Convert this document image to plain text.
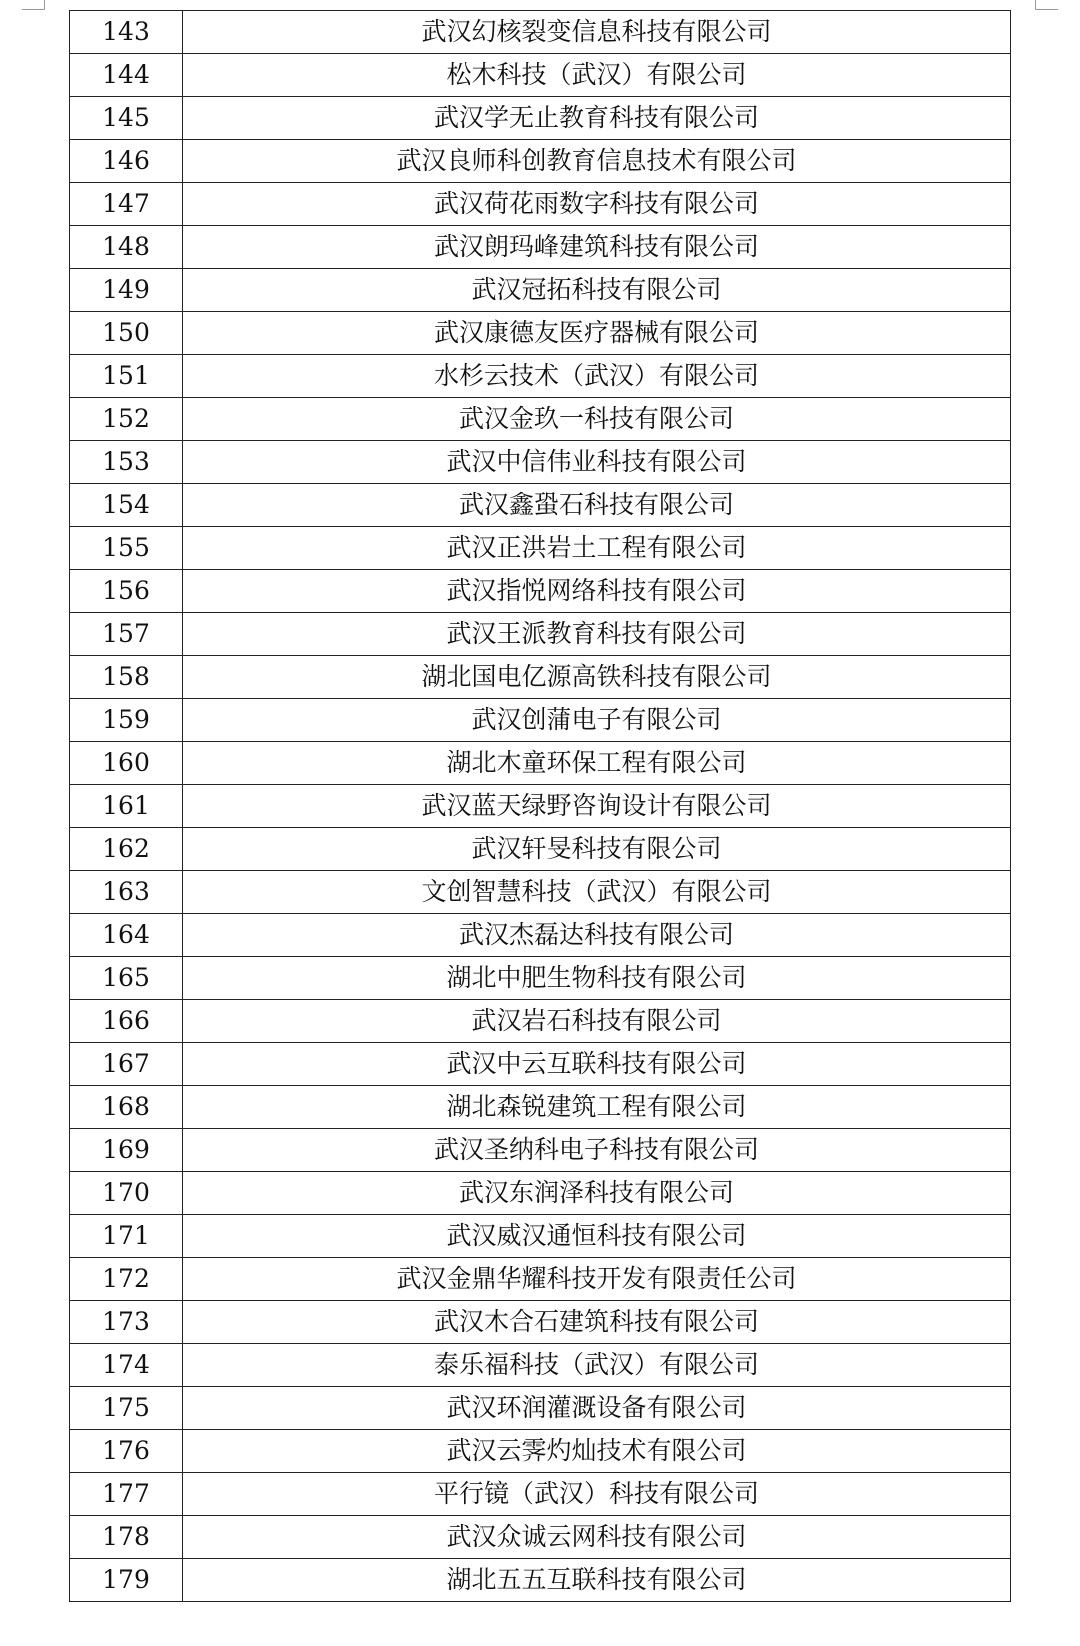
143	武汉幻核裂变信息科技有限公司
144	松木科技（武汉）有限公司
145	武汉学无止教育科技有限公司
146	武汉良师科创教育信息技术有限公司
147	武汉荷花雨数字科技有限公司
148	武汉朗玛峰建筑科技有限公司
149	武汉冠拓科技有限公司
150	武汉康德友医疗器械有限公司
151	水杉云技术（武汉）有限公司
152	武汉金玖一科技有限公司
153	武汉中信伟业科技有限公司
154	武汉鑫蛩石科技有限公司
155	武汉正洪岩土工程有限公司
156	武汉指悦网络科技有限公司
157	武汉王派教育科技有限公司
158	湖北国电亿源高铁科技有限公司
159	武汉创蒲电子有限公司
160	湖北木童环保工程有限公司
161	武汉蓝天绿野咨询设计有限公司
162	武汉轩旻科技有限公司
163	文创智慧科技（武汉）有限公司
164	武汉杰磊达科技有限公司
165	湖北中肥生物科技有限公司
166	武汉岩石科技有限公司
167	武汉中云互联科技有限公司
168	湖北森锐建筑工程有限公司
169	武汉圣纳科电子科技有限公司
170	武汉东润泽科技有限公司
171	武汉威汉通恒科技有限公司
172	武汉金鼎华耀科技开发有限责任公司
173	武汉木合石建筑科技有限公司
174	泰乐福科技（武汉）有限公司
175	武汉环润灌溉设备有限公司
176	武汉云霁灼灿技术有限公司
177	平行镜（武汉）科技有限公司
178	武汉众诚云网科技有限公司
179	湖北五五互联科技有限公司
